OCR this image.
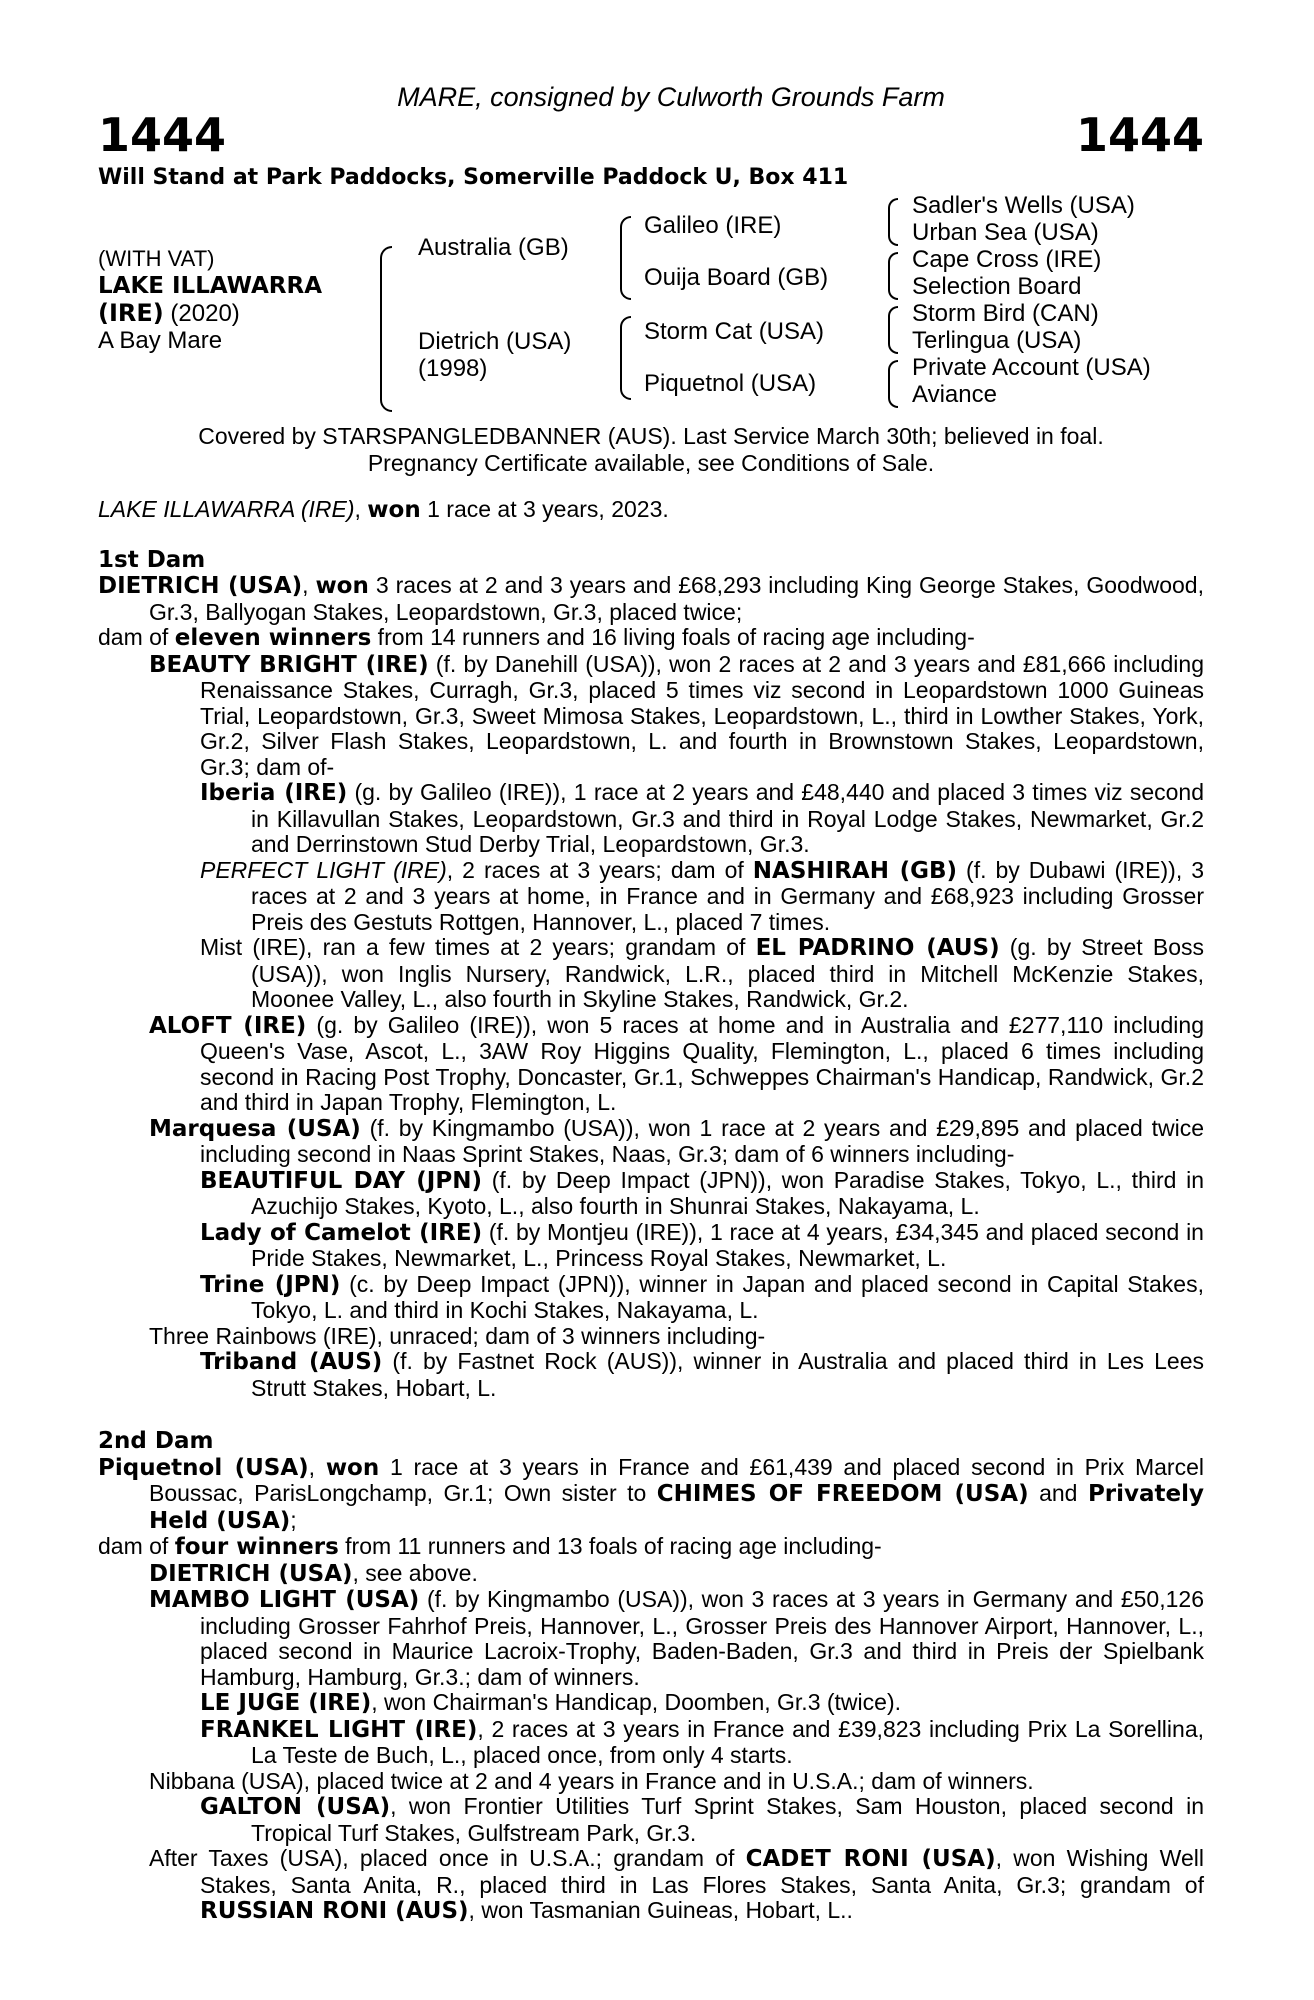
MARE, consigned by Culworth Grounds Farm
1444	1444
Will Stand at Park Paddocks, Somerville Paddock U, Box 411
(WITH VAT)
LAKE ILLAWARRA
(IRE) (2020)
A Bay Mare
Australia (GB)
Dietrich (USA)
(1998)
Galileo (IRE)
Ouija Board (GB)
Storm Cat (USA)
Piquetnol (USA)
Sadler's Wells (USA)
Urban Sea (USA)
Cape Cross (IRE)
Selection Board
Storm Bird (CAN)
Terlingua (USA)
Private Account (USA)
Aviance
Covered by STARSPANGLEDBANNER (AUS). Last Service March 30th; believed in foal.
Pregnancy Certificate available, see Conditions of Sale.

LAKE ILLAWARRA (IRE), won 1 race at 3 years, 2023.

1st Dam

DIETRICH (USA), won 3 races at 2 and 3 years and £68,293 including King George Stakes, Goodwood, Gr.3, Ballyogan Stakes, Leopardstown, Gr.3, placed twice;

dam of eleven winners from 14 runners and 16 living foals of racing age including-

BEAUTY BRIGHT (IRE) (f. by Danehill (USA)), won 2 races at 2 and 3 years and £81,666 including Renaissance Stakes, Curragh, Gr.3, placed 5 times viz second in Leopardstown 1000 Guineas Trial, Leopardstown, Gr.3, Sweet Mimosa Stakes, Leopardstown, L., third in Lowther Stakes, York, Gr.2, Silver Flash Stakes, Leopardstown, L. and fourth in Brownstown Stakes, Leopardstown, Gr.3; dam of-

Iberia (IRE) (g. by Galileo (IRE)), 1 race at 2 years and £48,440 and placed 3 times viz second in Killavullan Stakes, Leopardstown, Gr.3 and third in Royal Lodge Stakes, Newmarket, Gr.2 and Derrinstown Stud Derby Trial, Leopardstown, Gr.3.

PERFECT LIGHT (IRE), 2 races at 3 years; dam of NASHIRAH (GB) (f. by Dubawi (IRE)), 3 races at 2 and 3 years at home, in France and in Germany and £68,923 including Grosser Preis des Gestuts Rottgen, Hannover, L., placed 7 times.

Mist (IRE), ran a few times at 2 years; grandam of EL PADRINO (AUS) (g. by Street Boss (USA)), won Inglis Nursery, Randwick, L.R., placed third in Mitchell McKenzie Stakes, Moonee Valley, L., also fourth in Skyline Stakes, Randwick, Gr.2.

ALOFT (IRE) (g. by Galileo (IRE)), won 5 races at home and in Australia and £277,110 including Queen's Vase, Ascot, L., 3AW Roy Higgins Quality, Flemington, L., placed 6 times including second in Racing Post Trophy, Doncaster, Gr.1, Schweppes Chairman's Handicap, Randwick, Gr.2 and third in Japan Trophy, Flemington, L.

Marquesa (USA) (f. by Kingmambo (USA)), won 1 race at 2 years and £29,895 and placed twice including second in Naas Sprint Stakes, Naas, Gr.3; dam of 6 winners including-

BEAUTIFUL DAY (JPN) (f. by Deep Impact (JPN)), won Paradise Stakes, Tokyo, L., third in Azuchijo Stakes, Kyoto, L., also fourth in Shunrai Stakes, Nakayama, L.

Lady of Camelot (IRE) (f. by Montjeu (IRE)), 1 race at 4 years, £34,345 and placed second in Pride Stakes, Newmarket, L., Princess Royal Stakes, Newmarket, L.

Trine (JPN) (c. by Deep Impact (JPN)), winner in Japan and placed second in Capital Stakes, Tokyo, L. and third in Kochi Stakes, Nakayama, L.

Three Rainbows (IRE), unraced; dam of 3 winners including-

Triband (AUS) (f. by Fastnet Rock (AUS)), winner in Australia and placed third in Les Lees Strutt Stakes, Hobart, L.

2nd Dam

Piquetnol (USA), won 1 race at 3 years in France and £61,439 and placed second in Prix Marcel Boussac, ParisLongchamp, Gr.1; Own sister to CHIMES OF FREEDOM (USA) and Privately Held (USA);

dam of four winners from 11 runners and 13 foals of racing age including-

DIETRICH (USA), see above.

MAMBO LIGHT (USA) (f. by Kingmambo (USA)), won 3 races at 3 years in Germany and £50,126 including Grosser Fahrhof Preis, Hannover, L., Grosser Preis des Hannover Airport, Hannover, L., placed second in Maurice Lacroix-Trophy, Baden-Baden, Gr.3 and third in Preis der Spielbank Hamburg, Hamburg, Gr.3.; dam of winners.

LE JUGE (IRE), won Chairman's Handicap, Doomben, Gr.3 (twice).

FRANKEL LIGHT (IRE), 2 races at 3 years in France and £39,823 including Prix La Sorellina, La Teste de Buch, L., placed once, from only 4 starts.

Nibbana (USA), placed twice at 2 and 4 years in France and in U.S.A.; dam of winners.

GALTON (USA), won Frontier Utilities Turf Sprint Stakes, Sam Houston, placed second in Tropical Turf Stakes, Gulfstream Park, Gr.3.

After Taxes (USA), placed once in U.S.A.; grandam of CADET RONI (USA), won Wishing Well Stakes, Santa Anita, R., placed third in Las Flores Stakes, Santa Anita, Gr.3; grandam of RUSSIAN RONI (AUS), won Tasmanian Guineas, Hobart, L..
